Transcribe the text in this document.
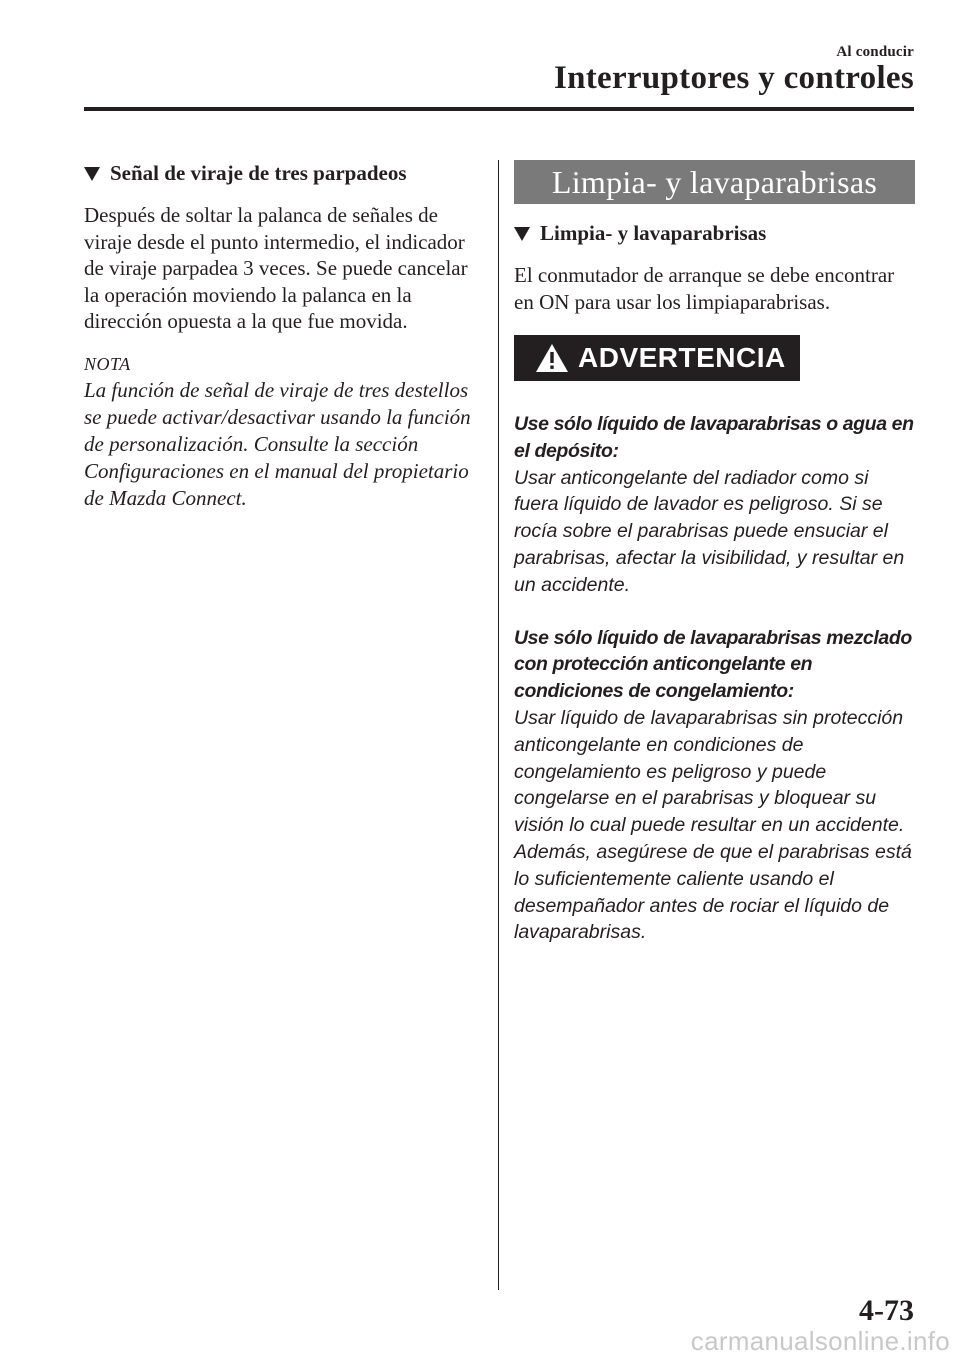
Al conducir
Interruptores y controles
Señal de viraje de tres parpadeos

Después de soltar la palanca de señales de viraje desde el punto intermedio, el indicador de viraje parpadea 3 veces. Se puede cancelar la operación moviendo la palanca en la dirección opuesta a la que fue movida.

NOTA

La función de señal de viraje de tres destellos se puede activar/desactivar usando la función de personalización. Consulte la sección Configuraciones en el manual del propietario de Mazda Connect.

Limpia- y lavaparabrisas
Limpia- y lavaparabrisas

El conmutador de arranque se debe encontrar en ON para usar los limpiaparabrisas.

ADVERTENCIA
Use sólo líquido de lavaparabrisas o agua en el depósito:
Usar anticongelante del radiador como si fuera líquido de lavador es peligroso. Si se rocía sobre el parabrisas puede ensuciar el parabrisas, afectar la visibilidad, y resultar en un accidente.
Use sólo líquido de lavaparabrisas mezclado con protección anticongelante en condiciones de congelamiento:
Usar líquido de lavaparabrisas sin protección anticongelante en condiciones de congelamiento es peligroso y puede congelarse en el parabrisas y bloquear su visión lo cual puede resultar en un accidente. Además, asegúrese de que el parabrisas está lo suficientemente caliente usando el desempañador antes de rociar el líquido de lavaparabrisas.
4-73
carmanualsonline.info
